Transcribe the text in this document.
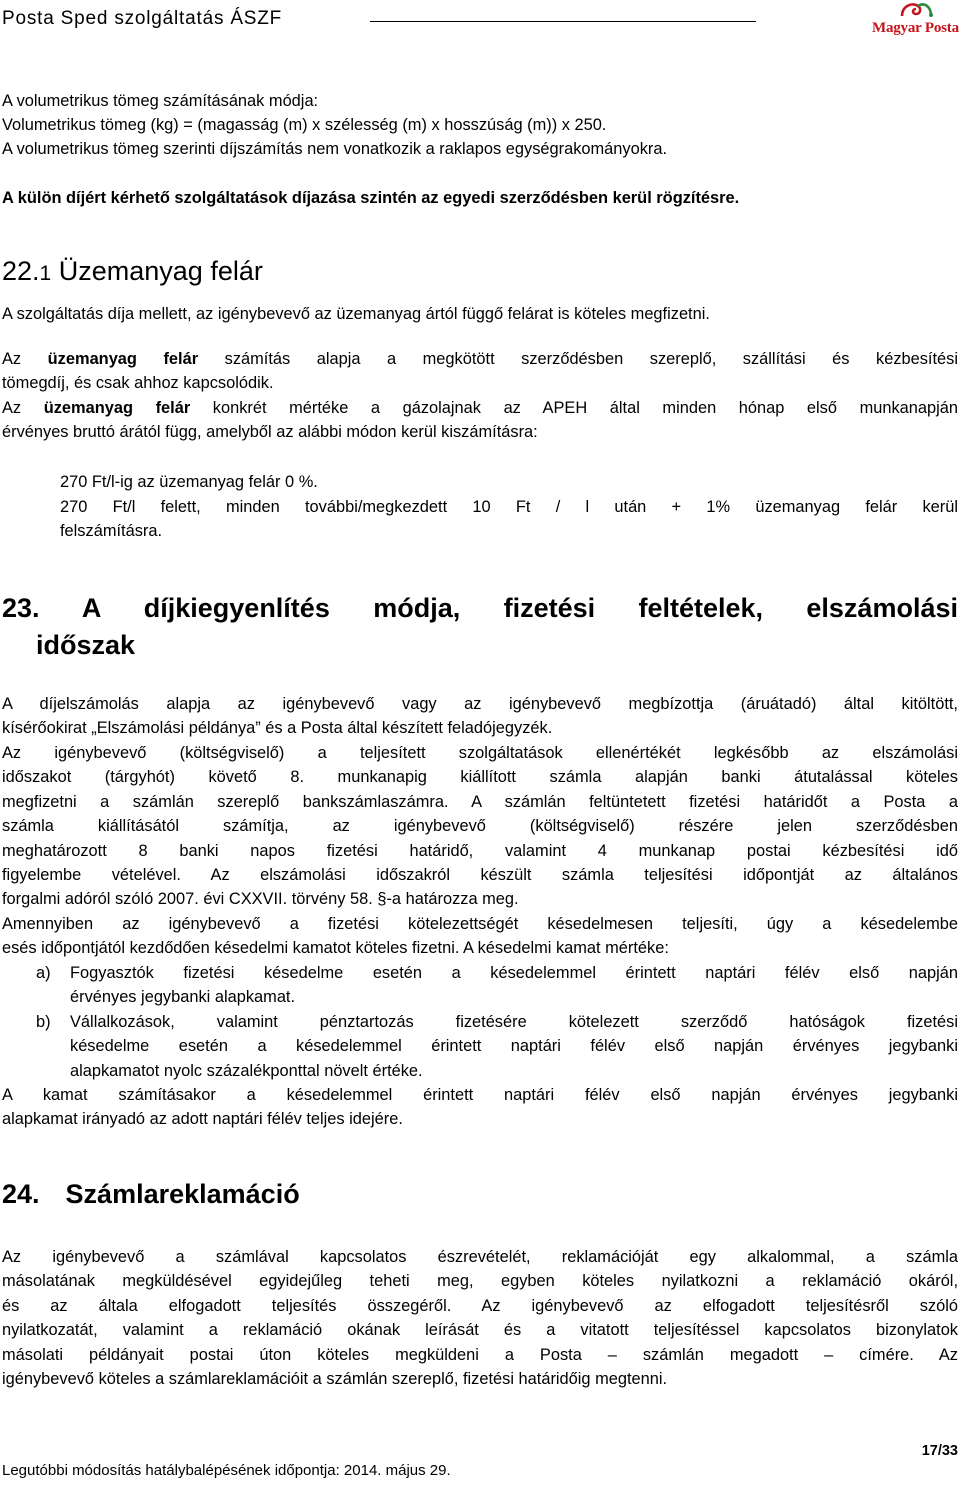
Posta Sped szolgáltatás ÁSZF	Magyar Posta
A volumetrikus tömeg számításának módja:
Volumetrikus tömeg (kg) = (magasság (m) x szélesség (m) x hosszúság (m)) x 250.
A volumetrikus tömeg szerinti díjszámítás nem vonatkozik a raklapos egységrakományokra.
A külön díjért kérhető szolgáltatások díjazása szintén az egyedi szerződésben kerül rögzítésre.
22.1 Üzemanyag felár
A szolgáltatás díja mellett, az igénybevevő az üzemanyag ártól függő felárat is köteles megfizetni.
Az üzemanyag felár számítás alapja a megkötött szerződésben szereplő, szállítási és kézbesítési
tömegdíj, és csak ahhoz kapcsolódik.
Az üzemanyag felár konkrét mértéke a gázolajnak az APEH által minden hónap első munkanapján
érvényes bruttó árától függ, amelyből az alábbi módon kerül kiszámításra:
270 Ft/l-ig az üzemanyag felár 0 %.
270 Ft/l felett, minden további/megkezdett 10 Ft / l után + 1% üzemanyag felár kerül
felszámításra.
23. A díjkiegyenlítés módja, fizetési feltételek, elszámolási
időszak
A díjelszámolás alapja az igénybevevő vagy az igénybevevő megbízottja (áruátadó) által kitöltött,
kísérőokirat „Elszámolási példánya” és a Posta által készített feladójegyzék.
Az igénybevevő (költségviselő) a teljesített szolgáltatások ellenértékét legkésőbb az elszámolási
időszakot (tárgyhót) követő 8. munkanapig kiállított számla alapján banki átutalással köteles
megfizetni a számlán szereplő bankszámlaszámra. A számlán feltüntetett fizetési határidőt a Posta a
számla kiállításától számítja, az igénybevevő (költségviselő) részére jelen szerződésben
meghatározott 8 banki napos fizetési határidő, valamint 4 munkanap postai kézbesítési idő
figyelembe vételével. Az elszámolási időszakról készült számla teljesítési időpontját az általános
forgalmi adóról szóló 2007. évi CXXVII. törvény 58. §-a határozza meg.
Amennyiben az igénybevevő a fizetési kötelezettségét késedelmesen teljesíti, úgy a késedelembe
esés időpontjától kezdődően késedelmi kamatot köteles fizetni. A késedelmi kamat mértéke:
a) Fogyasztók fizetési késedelme esetén a késedelemmel érintett naptári félév első napján
érvényes jegybanki alapkamat.
b) Vállalkozások, valamint pénztartozás fizetésére kötelezett szerződő hatóságok fizetési
késedelme esetén a késedelemmel érintett naptári félév első napján érvényes jegybanki
alapkamatot nyolc százalékponttal növelt értéke.
A kamat számításakor a késedelemmel érintett naptári félév első napján érvényes jegybanki
alapkamat irányadó az adott naptári félév teljes idejére.
24. Számlareklamáció
Az igénybevevő a számlával kapcsolatos észrevételét, reklamációját egy alkalommal, a számla
másolatának megküldésével egyidejűleg teheti meg, egyben köteles nyilatkozni a reklamáció okáról,
és az általa elfogadott teljesítés összegéről. Az igénybevevő az elfogadott teljesítésről szóló
nyilatkozatát, valamint a reklamáció okának leírását és a vitatott teljesítéssel kapcsolatos bizonylatok
másolati példányait postai úton köteles megküldeni a Posta – számlán megadott – címére. Az
igénybevevő köteles a számlareklamációit a számlán szereplő, fizetési határidőig megtenni.
Legutóbbi módosítás hatálybalépésének időpontja: 2014. május 29.
17/33
